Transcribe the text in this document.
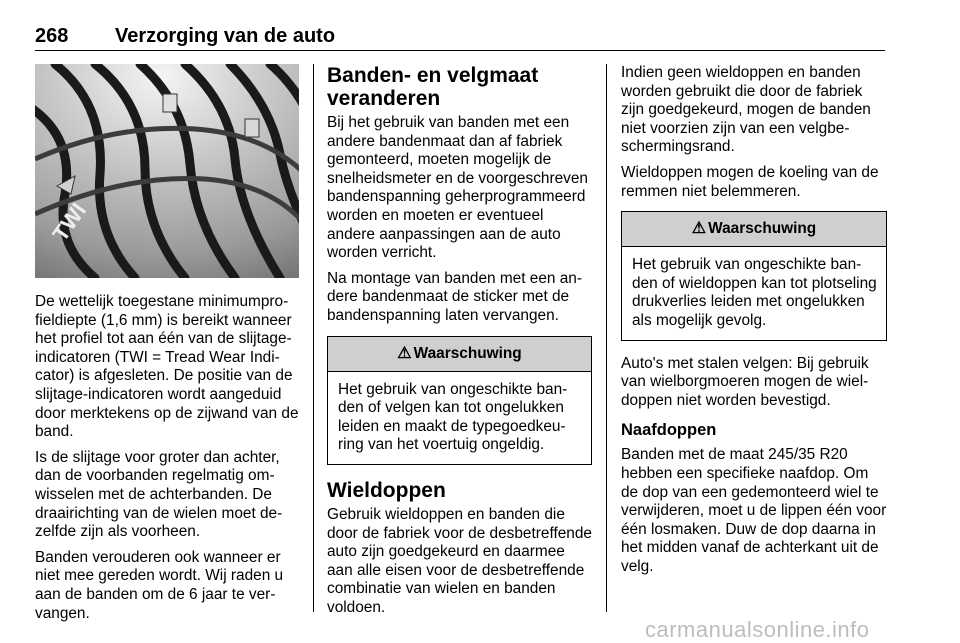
268 Verzorging van de auto
TWI

De wettelijk toegestane minimumprofieldiepte (1,6 mm) is bereikt wanneer het profiel tot aan één van de slijtage-indicatoren (TWI = Tread Wear Indicator) is afgesleten. De positie van de slijtage-indicatoren wordt aangeduid door merktekens op de zijwand van de band.

Is de slijtage voor groter dan achter, dan de voorbanden regelmatig omwisselen met de achterbanden. De draairichting van de wielen moet dezelfde zijn als voorheen.

Banden verouderen ook wanneer er niet mee gereden wordt. Wij raden u aan de banden om de 6 jaar te vervangen.

Banden- en velgmaat veranderen

Bij het gebruik van banden met een andere bandenmaat dan af fabriek gemonteerd, moeten mogelijk de snelheidsmeter en de voorgeschreven bandenspanning geherprogrammeerd worden en moeten er eventueel andere aanpassingen aan de auto worden verricht.

Na montage van banden met een andere bandenmaat de sticker met de bandenspanning laten vervangen.

⚠ Waarschuwing
Het gebruik van ongeschikte banden of velgen kan tot ongelukken leiden en maakt de typegoedkeuring van het voertuig ongeldig.
Wieldoppen

Gebruik wieldoppen en banden die door de fabriek voor de desbetreffende auto zijn goedgekeurd en daarmee aan alle eisen voor de desbetreffende combinatie van wielen en banden voldoen.

Indien geen wieldoppen en banden worden gebruikt die door de fabriek zijn goedgekeurd, mogen de banden niet voorzien zijn van een velgbeschermingsrand.

Wieldoppen mogen de koeling van de remmen niet belemmeren.

⚠ Waarschuwing
Het gebruik van ongeschikte banden of wieldoppen kan tot plotseling drukverlies leiden met ongelukken als mogelijk gevolg.

Auto's met stalen velgen: Bij gebruik van wielborgmoeren mogen de wieldoppen niet worden bevestigd.

Naafdoppen

Banden met de maat 245/35 R20 hebben een specifieke naafdop. Om de dop van een gedemonteerd wiel te verwijderen, moet u de lippen één voor één losmaken. Duw de dop daarna in het midden vanaf de achterkant uit de velg.

carmanualsonline.info
